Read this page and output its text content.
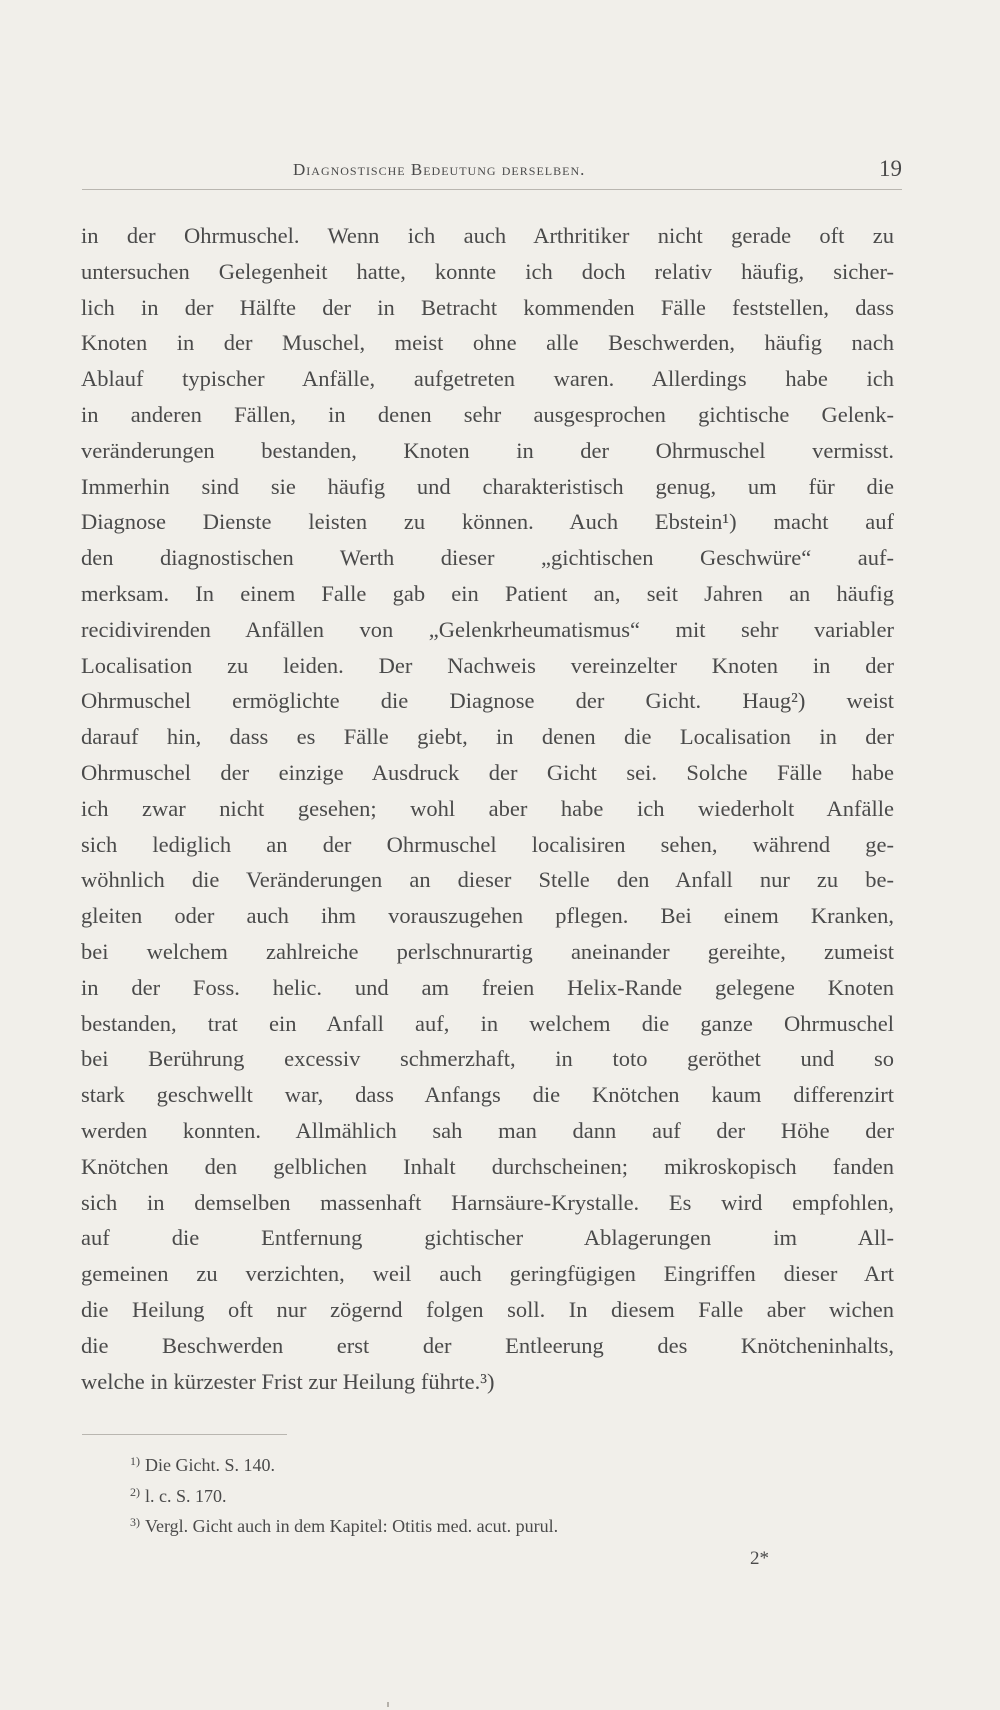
Diagnostische Bedeutung derselben.	19
in der Ohrmuschel. Wenn ich auch Arthritiker nicht gerade oft zu
untersuchen Gelegenheit hatte, konnte ich doch relativ häufig, sicher-
lich in der Hälfte der in Betracht kommenden Fälle feststellen, dass
Knoten in der Muschel, meist ohne alle Beschwerden, häufig nach
Ablauf typischer Anfälle, aufgetreten waren. Allerdings habe ich
in anderen Fällen, in denen sehr ausgesprochen gichtische Gelenk-
veränderungen bestanden, Knoten in der Ohrmuschel vermisst.
Immerhin sind sie häufig und charakteristisch genug, um für die
Diagnose Dienste leisten zu können. Auch Ebstein¹) macht auf
den diagnostischen Werth dieser „gichtischen Geschwüre“ auf-
merksam. In einem Falle gab ein Patient an, seit Jahren an häufig
recidivirenden Anfällen von „Gelenkrheumatismus“ mit sehr variabler
Localisation zu leiden. Der Nachweis vereinzelter Knoten in der
Ohrmuschel ermöglichte die Diagnose der Gicht. Haug²) weist
darauf hin, dass es Fälle giebt, in denen die Localisation in der
Ohrmuschel der einzige Ausdruck der Gicht sei. Solche Fälle habe
ich zwar nicht gesehen; wohl aber habe ich wiederholt Anfälle
sich lediglich an der Ohrmuschel localisiren sehen, während ge-
wöhnlich die Veränderungen an dieser Stelle den Anfall nur zu be-
gleiten oder auch ihm vorauszugehen pflegen. Bei einem Kranken,
bei welchem zahlreiche perlschnurartig aneinander gereihte, zumeist
in der Foss. helic. und am freien Helix-Rande gelegene Knoten
bestanden, trat ein Anfall auf, in welchem die ganze Ohrmuschel
bei Berührung excessiv schmerzhaft, in toto geröthet und so
stark geschwellt war, dass Anfangs die Knötchen kaum differenzirt
werden konnten. Allmählich sah man dann auf der Höhe der
Knötchen den gelblichen Inhalt durchscheinen; mikroskopisch fanden
sich in demselben massenhaft Harnsäure-Krystalle. Es wird empfohlen,
auf die Entfernung gichtischer Ablagerungen im All-
gemeinen zu verzichten, weil auch geringfügigen Eingriffen dieser Art
die Heilung oft nur zögernd folgen soll. In diesem Falle aber wichen
die Beschwerden erst der Entleerung des Knötcheninhalts,
welche in kürzester Frist zur Heilung führte.³)
$^{1)}$ Die Gicht. S. 140.
$^{2)}$ l. c. S. 170.
$^{3)}$ Vergl. Gicht auch in dem Kapitel: Otitis med. acut. purul.
2*
